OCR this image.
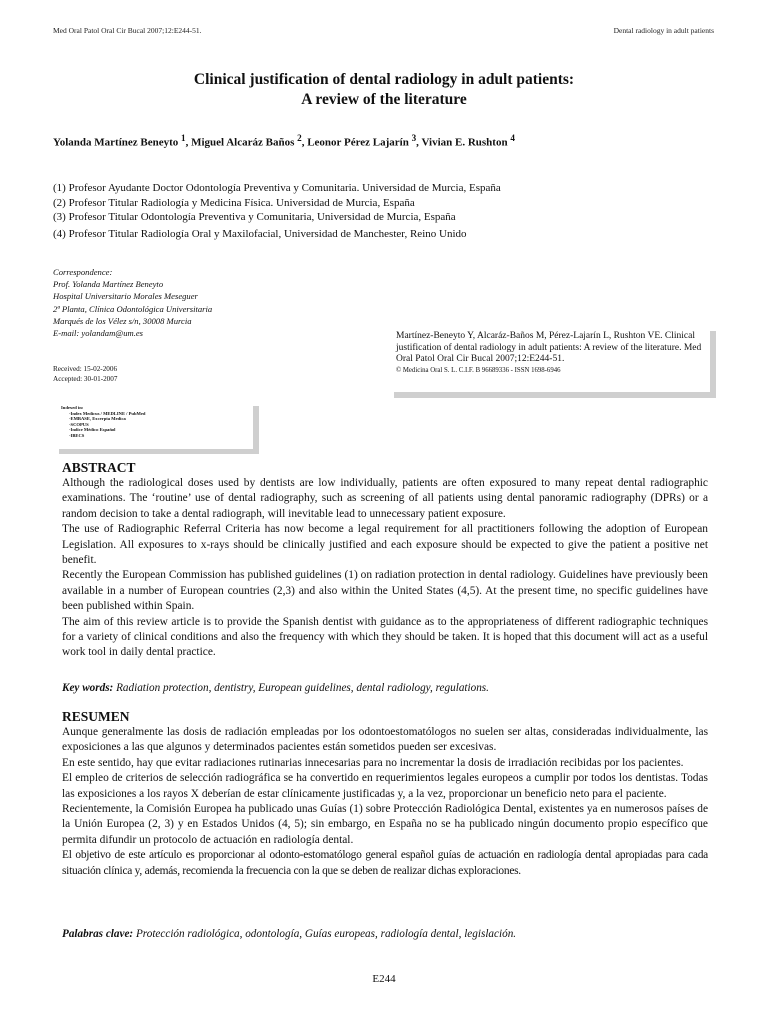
Med Oral Patol Oral Cir Bucal 2007;12:E244-51.	Dental radiology in adult patients
Clinical justification of dental radiology in adult patients:
A review of the literature
Yolanda Martínez Beneyto $^1$, Miguel Alcaráz Baños $^2$, Leonor Pérez Lajarín $^3$, Vivian E. Rushton $^4$
(1) Profesor Ayudante Doctor Odontología Preventiva y Comunitaria. Universidad de Murcia, España
(2) Profesor Titular Radiología y Medicina Física. Universidad de Murcia, España
(3) Profesor Titular Odontología Preventiva y Comunitaria, Universidad de Murcia, España
(4) Profesor Titular Radiología Oral y Maxilofacial, Universidad de Manchester, Reino Unido
Correspondence:
Prof. Yolanda Martínez Beneyto
Hospital Universitario Morales Meseguer
2ª Planta, Clínica Odontológica Universitaria
Marqués de los Vélez s/n, 30008 Murcia
E-mail: yolandam@um.es
Received: 15-02-2006
Accepted: 30-01-2007
Martínez-Beneyto Y, Alcaráz-Baños M, Pérez-Lajarín L, Rushton VE. Clinical justification of dental radiology in adult patients: A review of the literature. Med Oral Patol Oral Cir Bucal 2007;12:E244-51.
© Medicina Oral S. L. C.I.F. B 96689336 - ISSN 1698-6946
Indexed in:
-Index Medicus / MEDLINE / PubMed
-EMBASE, Excerpta Medica
-SCOPUS
-Indice Médico Español
-IBECS
ABSTRACT

Although the radiological doses used by dentists are low individually, patients are often exposured to many repeat dental radiographic examinations. The ‘routine’ use of dental radiography, such as screening of all patients using dental panoramic radiography (DPRs) or a random decision to take a dental radiograph, will inevitable lead to unnecessary patient exposure.

The use of Radiographic Referral Criteria has now become a legal requirement for all practitioners following the adoption of European Legislation. All exposures to x-rays should be clinically justified and each exposure should be expected to give the patient a positive net benefit.

Recently the European Commission has published guidelines (1) on radiation protection in dental radiology. Guidelines have previously been available in a number of European countries (2,3) and also within the United States (4,5). At the present time, no specific guidelines have been published within Spain.

The aim of this review article is to provide the Spanish dentist with guidance as to the appropriateness of different radiographic techniques for a variety of clinical conditions and also the frequency with which they should be taken. It is hoped that this document will act as a useful work tool in daily dental practice.

Key words: Radiation protection, dentistry, European guidelines, dental radiology, regulations.
RESUMEN

Aunque generalmente las dosis de radiación empleadas por los odontoestomatólogos no suelen ser altas, consideradas individualmente, las exposiciones a las que algunos y determinados pacientes están sometidos pueden ser excesivas.

En este sentido, hay que evitar radiaciones rutinarias innecesarias para no incrementar la dosis de irradiación recibidas por los pacientes.

El empleo de criterios de selección radiográfica se ha convertido en requerimientos legales europeos a cumplir por todos los dentistas. Todas las exposiciones a los rayos X deberían de estar clínicamente justificadas y, a la vez, proporcionar un beneficio neto para el paciente.

Recientemente, la Comisión Europea ha publicado unas Guías (1) sobre Protección Radiológica Dental, existentes ya en numerosos países de la Unión Europea (2, 3) y en Estados Unidos (4, 5); sin embargo, en España no se ha publicado ningún documento propio específico que permita difundir un protocolo de actuación en radiología dental.

El objetivo de este artículo es proporcionar al odonto-estomatólogo general español guías de actuación en radiología dental apropiadas para cada situación clínica y, además, recomienda la frecuencia con la que se deben de realizar dichas exploraciones.

Palabras clave: Protección radiológica, odontología, Guías europeas, radiología dental, legislación.
E244
